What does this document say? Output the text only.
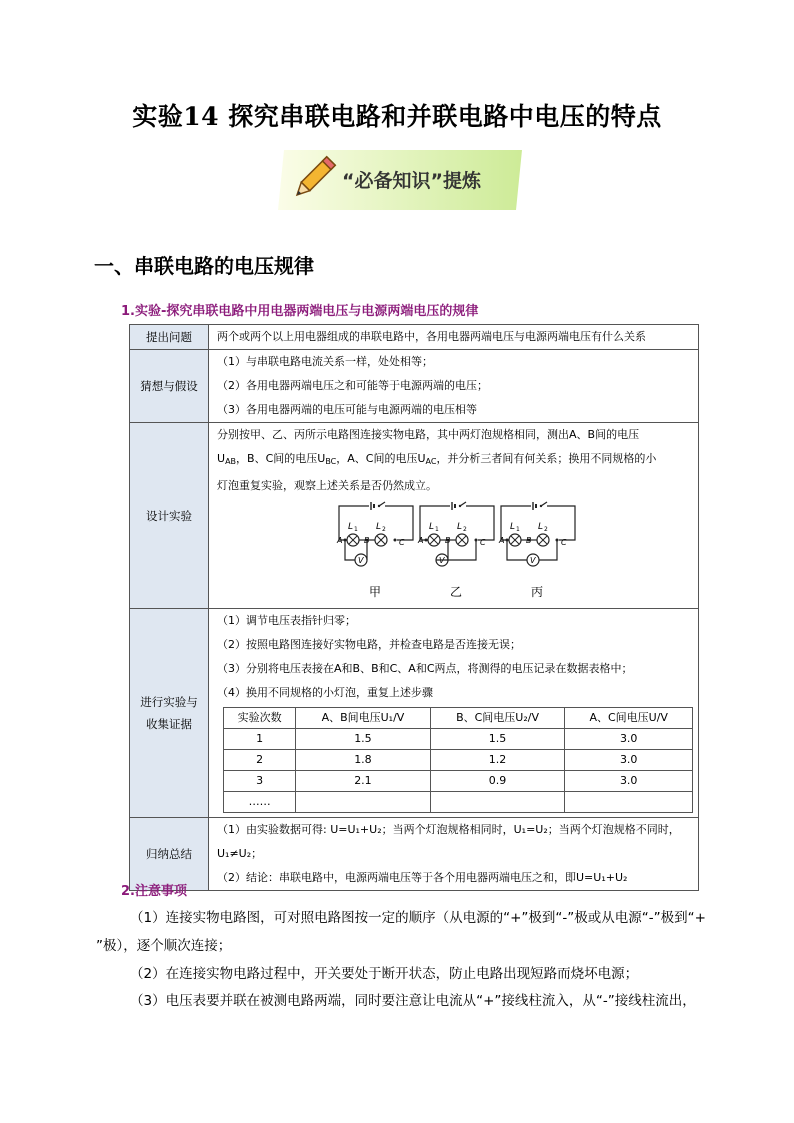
实验14 探究串联电路和并联电路中电压的特点
“必备知识”提炼
一、串联电路的电压规律
1.实验-探究串联电路中用电器两端电压与电源两端电压的规律
提出问题	两个或两个以上用电器组成的串联电路中，各用电器两端电压与电源两端电压有什么关系

猜想与假设	
（1）与串联电路电流关系一样，处处相等；
（2）各用电器两端电压之和可能等于电源两端的电压；
（3）各用电器两端的电压可能与电源两端的电压相等

设计实验	
分别按甲、乙、丙所示电路图连接实物电路，其中两灯泡规格相同，测出A、B间的电压
$U_{AB}$，B、C间的电压$U_{BC}$，A、C间的电压$U_{AC}$，并分析三者间有何关系；换用不同规格的小
灯泡重复实验，观察上述关系是否仍然成立。
L 1 L 2
A	B	C
V
甲
L 1 L 2
A	B	C
V
乙
L 1 L 2
A	B	C
V
丙

进行实验与
收集证据

（1）调节电压表指针归零；
（2）按照电路图连接好实物电路，并检查电路是否连接无误；
（3）分别将电压表接在A和B、B和C、A和C两点，将测得的电压记录在数据表格中；
（4）换用不同规格的小灯泡，重复上述步骤
实验次数	A、B间电压U₁/V	B、C间电压U₂/V	A、C间电压U/V
1	1.5	1.5	3.0
2	1.8	1.2	3.0
3	2.1	0.9	3.0
……			

归纳总结	
（1）由实验数据可得: U=U₁+U₂；当两个灯泡规格相同时，U₁=U₂；当两个灯泡规格不同时，
U₁≠U₂；
（2）结论：串联电路中，电源两端电压等于各个用电器两端电压之和，即U=U₁+U₂
2.注意事项
（1）连接实物电路图，可对照电路图按一定的顺序（从电源的“+”极到“-”极或从电源“-”极到“+
”极），逐个顺次连接；
（2）在连接实物电路过程中，开关要处于断开状态，防止电路出现短路而烧坏电源；
（3）电压表要并联在被测电路两端，同时要注意让电流从“+”接线柱流入，从“-”接线柱流出，
